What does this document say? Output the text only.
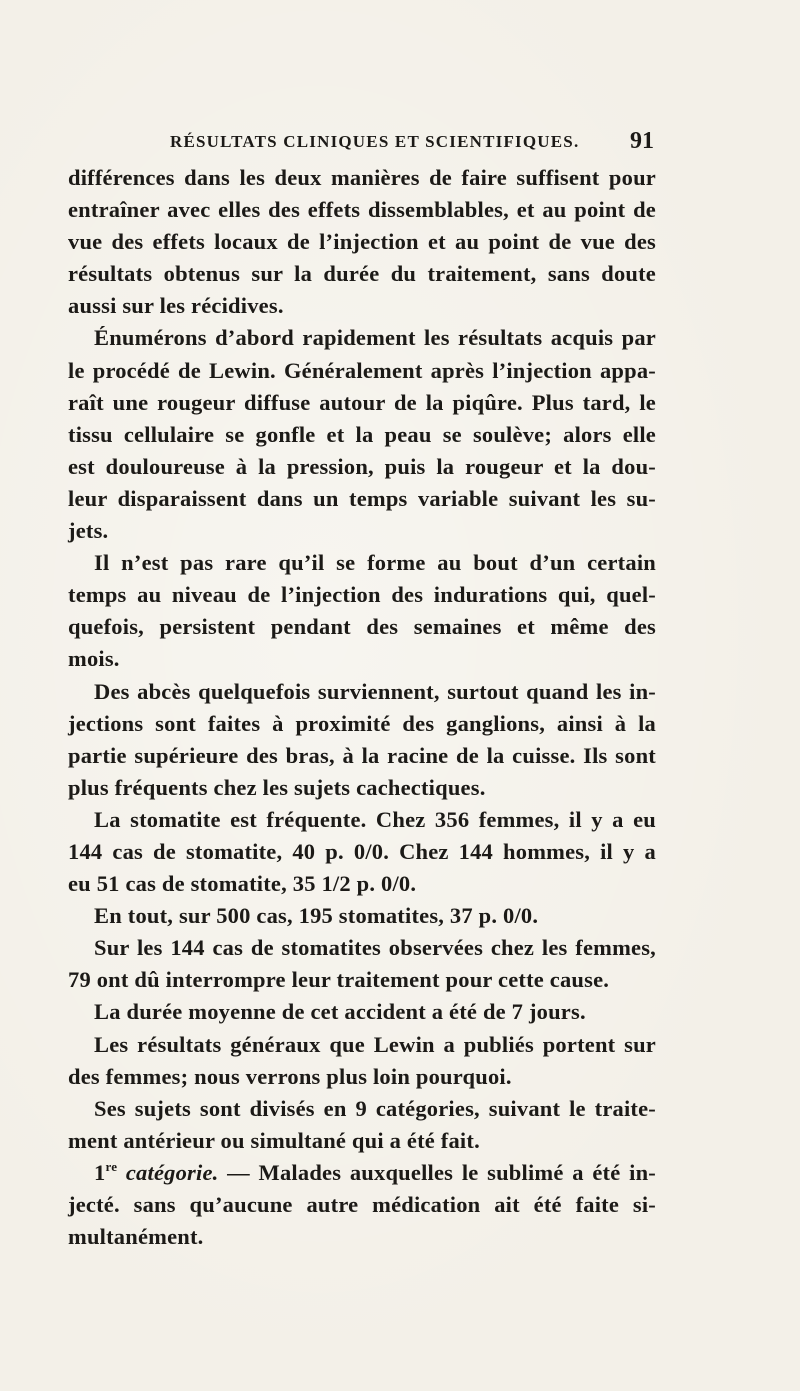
RÉSULTATS CLINIQUES ET SCIENTIFIQUES. 91
différences dans les deux manières de faire suffisent pour
entraîner avec elles des effets dissemblables, et au point de
vue des effets locaux de l’injection et au point de vue des
résultats obtenus sur la durée du traitement, sans doute
aussi sur les récidives.
Énumérons d’abord rapidement les résultats acquis par
le procédé de Lewin. Généralement après l’injection appa-
raît une rougeur diffuse autour de la piqûre. Plus tard, le
tissu cellulaire se gonfle et la peau se soulève; alors elle
est douloureuse à la pression, puis la rougeur et la dou-
leur disparaissent dans un temps variable suivant les su-
jets.
Il n’est pas rare qu’il se forme au bout d’un certain
temps au niveau de l’injection des indurations qui, quel-
quefois, persistent pendant des semaines et même des
mois.
Des abcès quelquefois surviennent, surtout quand les in-
jections sont faites à proximité des ganglions, ainsi à la
partie supérieure des bras, à la racine de la cuisse. Ils sont
plus fréquents chez les sujets cachectiques.
La stomatite est fréquente. Chez 356 femmes, il y a eu
144 cas de stomatite, 40 p. 0/0. Chez 144 hommes, il y a
eu 51 cas de stomatite, 35 1/2 p. 0/0.
En tout, sur 500 cas, 195 stomatites, 37 p. 0/0.
Sur les 144 cas de stomatites observées chez les femmes,
79 ont dû interrompre leur traitement pour cette cause.
La durée moyenne de cet accident a été de 7 jours.
Les résultats généraux que Lewin a publiés portent sur
des femmes; nous verrons plus loin pourquoi.
Ses sujets sont divisés en 9 catégories, suivant le traite-
ment antérieur ou simultané qui a été fait.
1re catégorie. — Malades auxquelles le sublimé a été in-
jecté. sans qu’aucune autre médication ait été faite si-
multanément.
